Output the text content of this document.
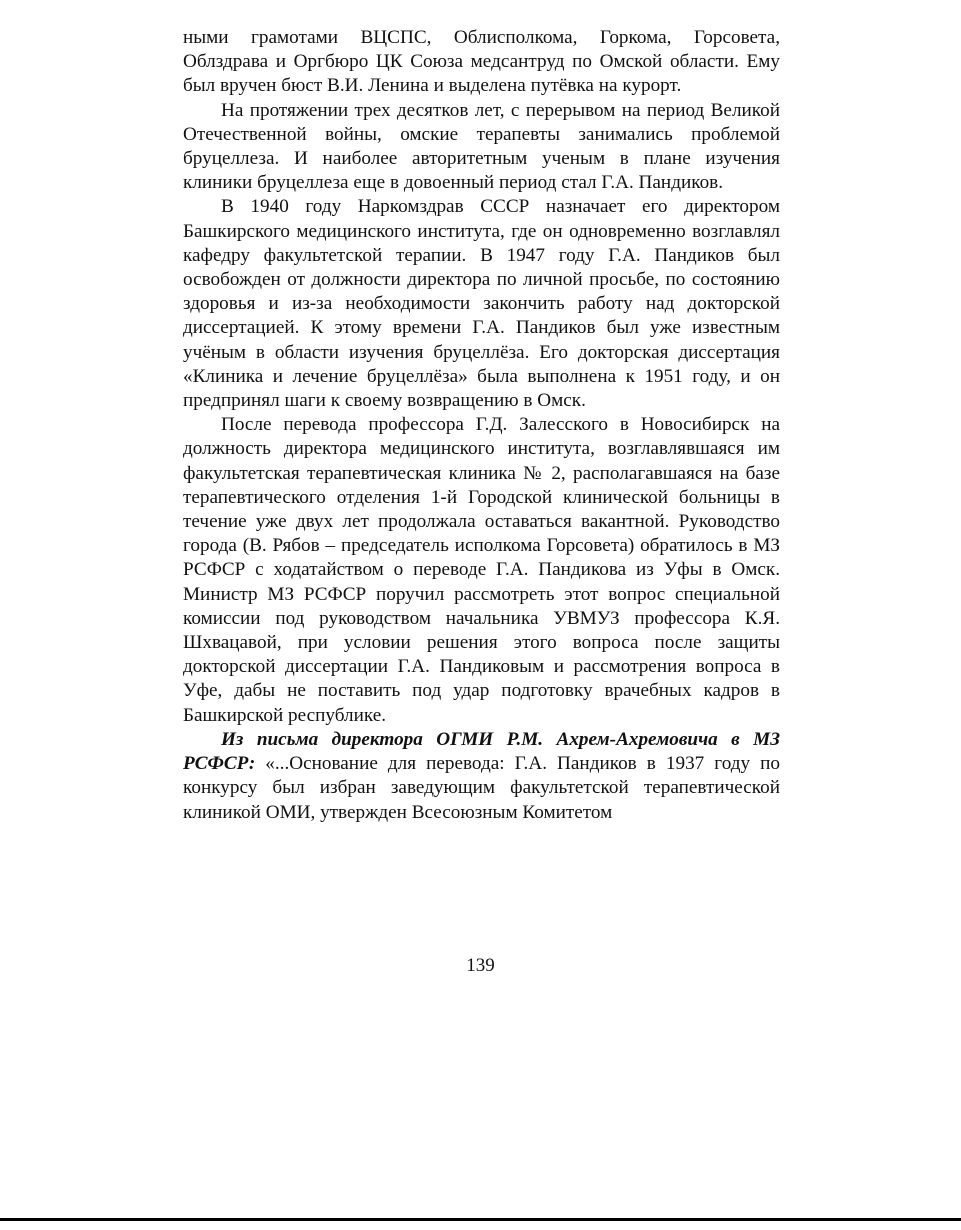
ными грамотами ВЦСПС, Облисполкома, Горкома, Горсовета, Облздрава и Оргбюро ЦК Союза медсантруд по Омской области. Ему был вручен бюст В.И. Ленина и выделена путёвка на курорт.

На протяжении трех десятков лет, с перерывом на период Великой Отечественной войны, омские терапевты занимались проблемой бруцеллеза. И наиболее авторитетным ученым в плане изучения клиники бруцеллеза еще в довоенный период стал Г.А. Пандиков.

В 1940 году Наркомздрав СССР назначает его директором Башкирского медицинского института, где он одновременно возглавлял кафедру факультетской терапии. В 1947 году Г.А. Пандиков был освобожден от должности директора по личной просьбе, по состоянию здоровья и из-за необходимости закончить работу над докторской диссертацией. К этому времени Г.А. Пандиков был уже известным учёным в области изучения бруцеллёза. Его докторская диссертация «Клиника и лечение бруцеллёза» была выполнена к 1951 году, и он предпринял шаги к своему возвращению в Омск.

После перевода профессора Г.Д. Залесского в Новосибирск на должность директора медицинского института, возглавлявшаяся им факультетская терапевтическая клиника № 2, располагавшаяся на базе терапевтического отделения 1-й Городской клинической больницы в течение уже двух лет продолжала оставаться вакантной. Руководство города (В. Рябов – председатель исполкома Горсовета) обратилось в МЗ РСФСР с ходатайством о переводе Г.А. Пандикова из Уфы в Омск. Министр МЗ РСФСР поручил рассмотреть этот вопрос специальной комиссии под руководством начальника УВМУЗ профессора К.Я. Шхвацавой, при условии решения этого вопроса после защиты докторской диссертации Г.А. Пандиковым и рассмотрения вопроса в Уфе, дабы не поставить под удар подготовку врачебных кадров в Башкирской республике.

Из письма директора ОГМИ Р.М. Ахрем-Ахремовича в МЗ РСФСР: «...Основание для перевода: Г.А. Пандиков в 1937 году по конкурсу был избран заведующим факультетской терапевтической клиникой ОМИ, утвержден Всесоюзным Комитетом

139
